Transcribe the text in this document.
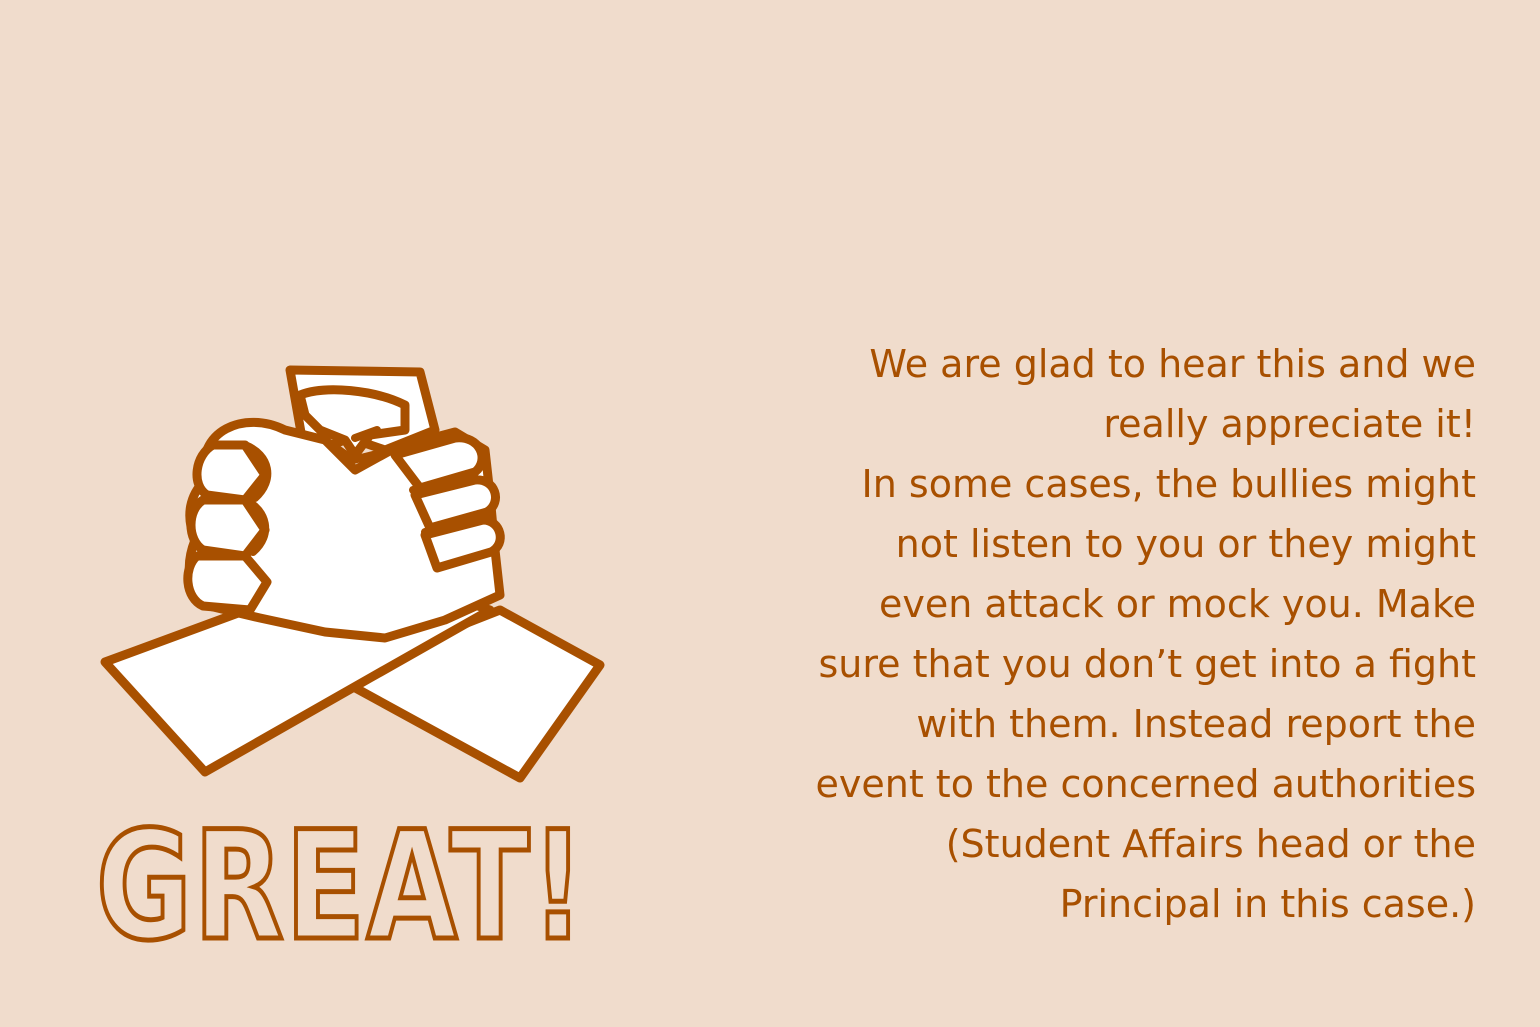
GREAT!

We are glad to hear this and we

really appreciate it!

In some cases, the bullies might

not listen to you or they might

even attack or mock you. Make

sure that you don’t get into a fight

with them. Instead report the

event to the concerned authorities

(Student Affairs head or the

Principal in this case.)
